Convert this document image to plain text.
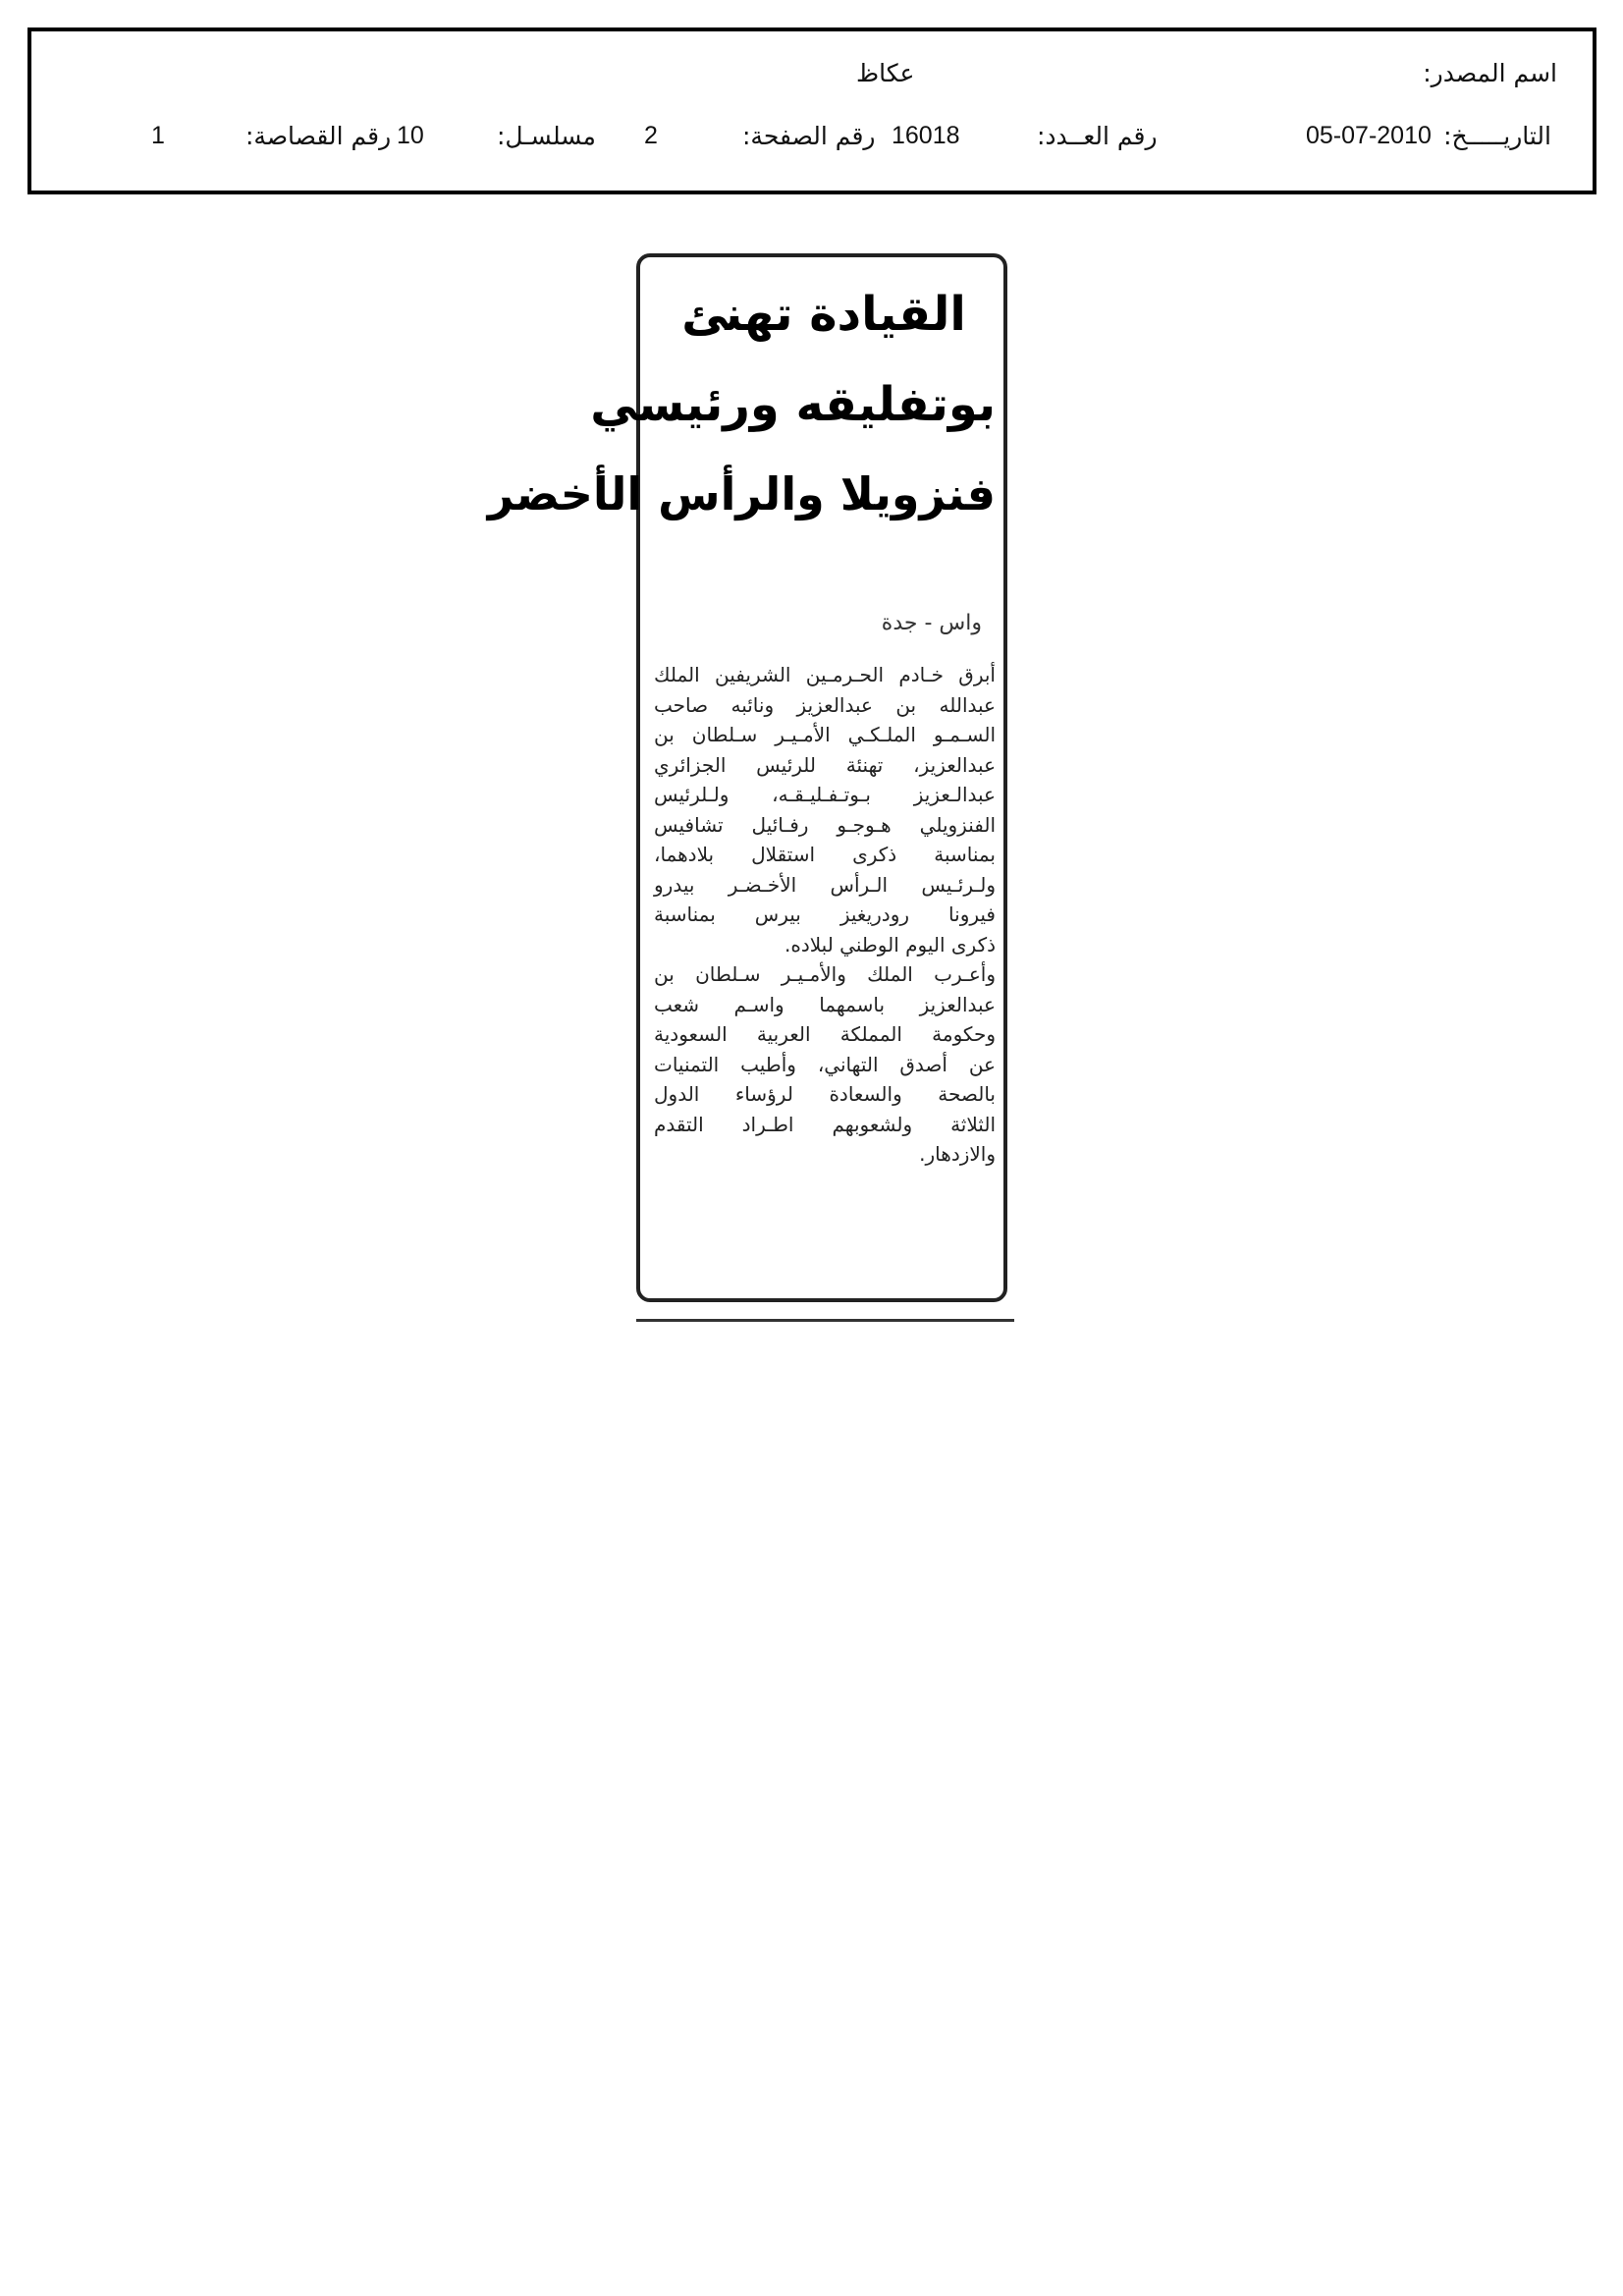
اسم المصدر:
عكاظ
التاريـــــخ:
05-07-2010
رقم العــدد:
16018
رقم الصفحة:
2
مسلسـل:
10
رقم القصاصة:
1
القيادة تهنئ
بوتفليقه ورئيسي
فنزويلا والرأس الأخضر
واس - جدة
أبرق خـادم الحـرمـين الشريفين الملك
عبدالله بن عبدالعزيز ونائبه صاحب
السـمـو الملـكـي الأمـيـر سـلطان بن
عبدالعزيز، تهنئة للرئيس الجزائري
عبدالـعزيز بـوتـفـليـقـه، ولـلرئيس
الفنزويلي هـوجـو رفـائيل تشافيس
بمناسبة ذكرى استقلال بلادهما،
ولـرئـيس الـرأس الأخـضـر بيدرو
فيرونا رودريغيز بيرس بمناسبة
ذكرى اليوم الوطني لبلاده.
وأعـرب الملك والأمـيـر سـلطان بن
عبدالعزيز باسمهما واسـم شعب
وحكومة المملكة العربية السعودية
عن أصدق التهاني، وأطيب التمنيات
بالصحة والسعادة لرؤساء الدول
الثلاثة ولشعوبهم اطـراد التقدم
والازدهار.
